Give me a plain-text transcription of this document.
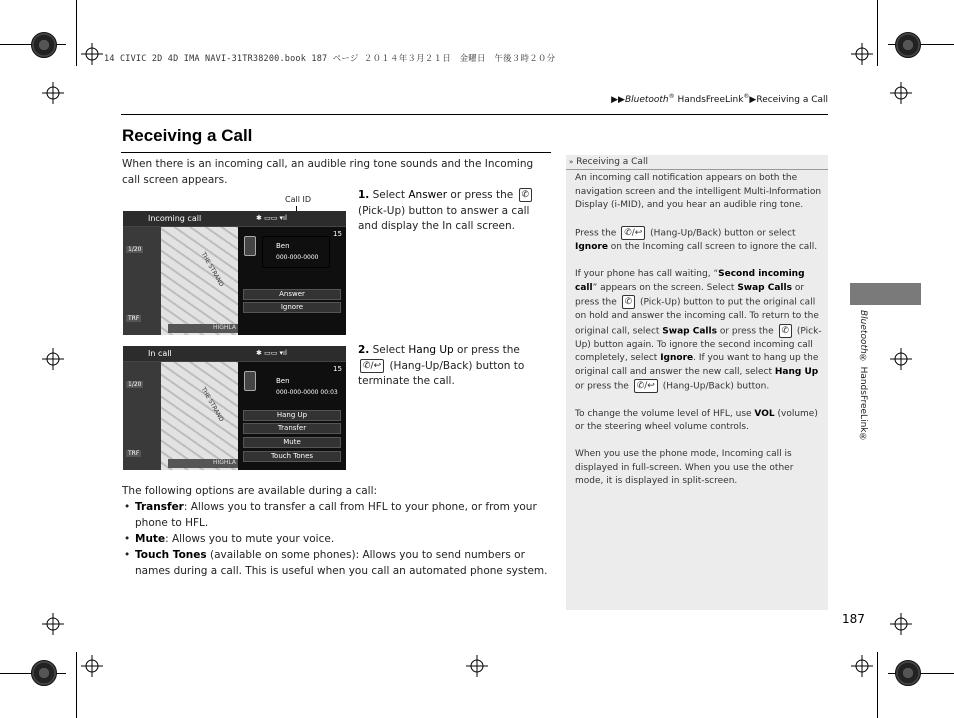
14 CIVIC 2D 4D IMA NAVI-31TR38200.book 187 ページ ２０１４年３月２１日　金曜日　午後３時２０分
▶▶Bluetooth® HandsFreeLink®▶Receiving a Call
Receiving a Call
When there is an incoming call, an audible ring tone sounds and the Incoming call screen appears.
Call ID
THE STRAND
Incoming call	✱ ▭▭ ▾ıl
15
Ben
000-000-0000
Answer
Ignore
1/20
TRF
HIGHLA
THE STRAND
In call	✱ ▭▭ ▾ıl
15
Ben
000-000-0000 00:03
Hang Up
Transfer
Mute
Touch Tones
1/20
TRF
HIGHLA
1. Select Answer or press the ✆ (Pick-Up) button to answer a call and display the In call screen.
2. Select Hang Up or press the ✆/↩ (Hang-Up/Back) button to terminate the call.
The following options are available during a call:
• Transfer: Allows you to transfer a call from HFL to your phone, or from your phone to HFL.
• Mute: Allows you to mute your voice.
• Touch Tones (available on some phones): Allows you to send numbers or names during a call. This is useful when you call an automated phone system.
» Receiving a Call

An incoming call notification appears on both the navigation screen and the intelligent Multi-Information Display (i-MID), and you hear an audible ring tone.

Press the ✆/↩ (Hang-Up/Back) button or select Ignore on the Incoming call screen to ignore the call.

If your phone has call waiting, “Second incoming call” appears on the screen. Select Swap Calls or press the ✆ (Pick-Up) button to put the original call on hold and answer the incoming call. To return to the original call, select Swap Calls or press the ✆ (Pick-Up) button again. To ignore the second incoming call completely, select Ignore. If you want to hang up the original call and answer the new call, select Hang Up or press the ✆/↩ (Hang-Up/Back) button.

To change the volume level of HFL, use VOL (volume) or the steering wheel volume controls.

When you use the phone mode, Incoming call is displayed in full-screen. When you use the other mode, it is displayed in split-screen.

Bluetooth® HandsFreeLink®
187
